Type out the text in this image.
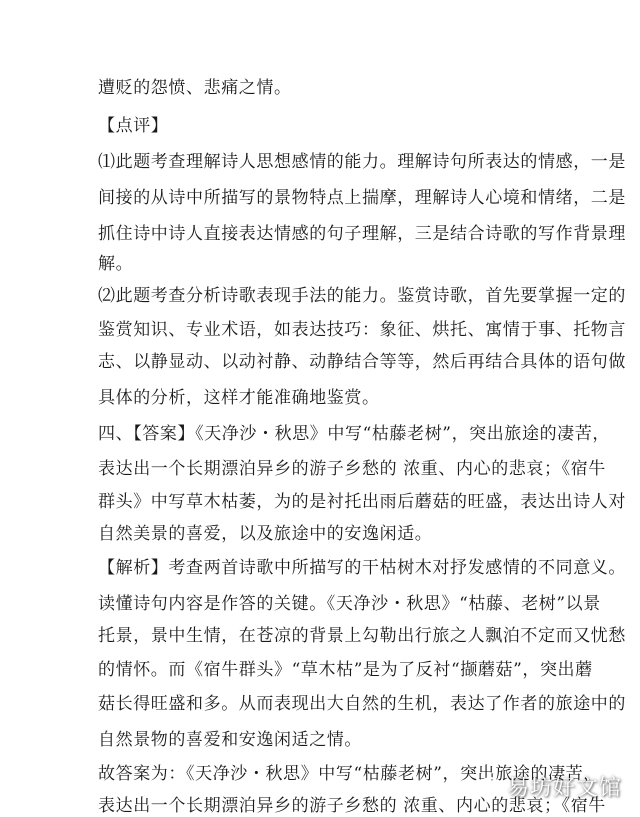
遭贬的怨愤、悲痛之情。
【点评】
⑴此题考查理解诗人思想感情的能力。理解诗句所表达的情感，一是
间接的从诗中所描写的景物特点上揣摩，理解诗人心境和情绪，二是
抓住诗中诗人直接表达情感的句子理解，三是结合诗歌的写作背景理
解。
⑵此题考查分析诗歌表现手法的能力。鉴赏诗歌，首先要掌握一定的
鉴赏知识、专业术语，如表达技巧：象征、烘托、寓情于事、托物言
志、以静显动、以动衬静、动静结合等等，然后再结合具体的语句做
具体的分析，这样才能准确地鉴赏。
四、【答案】《天净沙・秋思》中写“枯藤老树”，突出旅途的凄苦，
表达出一个长期漂泊异乡的游子乡愁的 浓重、内心的悲哀；《宿牛
群头》中写草木枯萎，为的是衬托出雨后蘑菇的旺盛，表达出诗人对
自然美景的喜爱，以及旅途中的安逸闲适。
【解析】考查两首诗歌中所描写的干枯树木对抒发感情的不同意义。
读懂诗句内容是作答的关键。《天净沙・秋思》“枯藤、老树”以景
托景，景中生情，在苍凉的背景上勾勒出行旅之人飘泊不定而又忧愁
的情怀。而《宿牛群头》“草木枯”是为了反衬“撷蘑菇”，突出蘑
菇长得旺盛和多。从而表现出大自然的生机，表达了作者的旅途中的
自然景物的喜爱和安逸闲适之情。
故答案为：《天净沙・秋思》中写“枯藤老树”，突出旅途的凄苦，
表达出一个长期漂泊异乡的游子乡愁的 浓重、内心的悲哀；《宿牛
易坊好文馆
